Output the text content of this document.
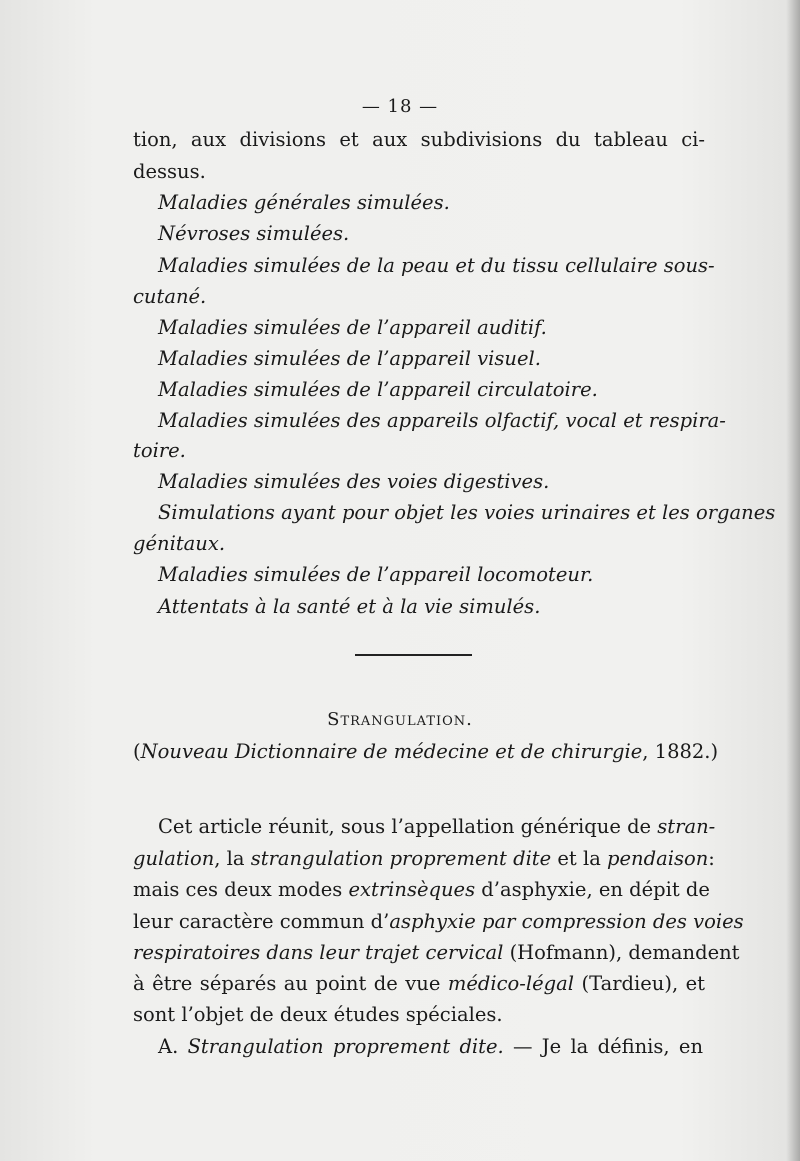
— 18 —
tion, aux divisions et aux subdivisions du tableau ci-
dessus.
Maladies générales simulées.
Névroses simulées.
Maladies simulées de la peau et du tissu cellulaire sous-
cutané.
Maladies simulées de l’appareil auditif.
Maladies simulées de l’appareil visuel.
Maladies simulées de l’appareil circulatoire.
Maladies simulées des appareils olfactif, vocal et respira-
toire.
Maladies simulées des voies digestives.
Simulations ayant pour objet les voies urinaires et les organes
génitaux.
Maladies simulées de l’appareil locomoteur.
Attentats à la santé et à la vie simulés.
Strangulation.
(Nouveau Dictionnaire de médecine et de chirurgie, 1882.)
Cet article réunit, sous l’appellation générique de stran-
gulation, la strangulation proprement dite et la pendaison:
mais ces deux modes extrinsèques d’asphyxie, en dépit de
leur caractère commun d’asphyxie par compression des voies
respiratoires dans leur trajet cervical (Hofmann), demandent
à être séparés au point de vue médico-légal (Tardieu), et
sont l’objet de deux études spéciales.
A. Strangulation proprement dite. — Je la définis, en
